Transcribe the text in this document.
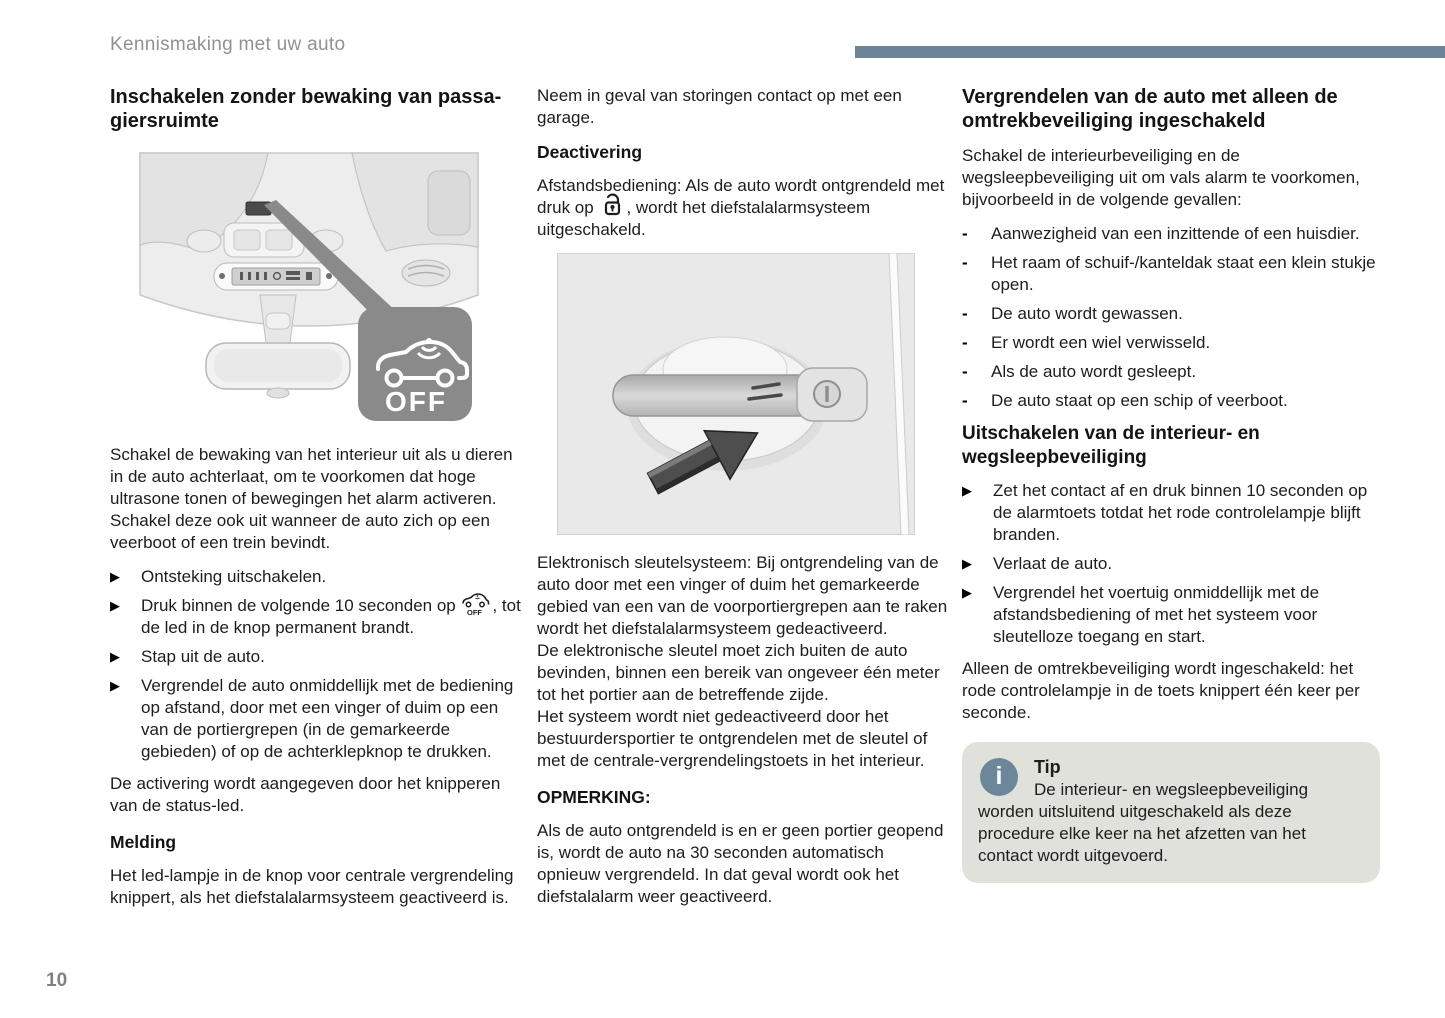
Kennismaking met uw auto
Inschakelen zonder bewaking van passa-
giersruimte
OFF

Schakel de bewaking van het interieur uit als u dieren in de auto achterlaat, om te voorkomen dat hoge ultrasone tonen of bewegingen het alarm activeren. Schakel deze ook uit wanneer de auto zich op een veerboot of een trein bevindt.

▶	Ontsteking uitschakelen.
▶	Druk binnen de volgende 10 seconden op OFF , tot de led in de knop permanent brandt.
▶	Stap uit de auto.
▶	Vergrendel de auto onmiddellijk met de bediening op afstand, door met een vinger of duim op een van de portiergrepen (in de gemarkeerde gebieden) of op de achterklepknop te drukken.

De activering wordt aangegeven door het knipperen van de status-led.

Melding

Het led-lampje in de knop voor centrale vergrendeling knippert, als het diefstalalarmsysteem geactiveerd is.

Neem in geval van storingen contact op met een garage.

Deactivering

Afstandsbediening: Als de auto wordt ontgrendeld met druk op , wordt het diefstalalarmsysteem uitgeschakeld.

Elektronisch sleutelsysteem: Bij ontgrendeling van de auto door met een vinger of duim het gemarkeerde gebied van een van de voorportiergrepen aan te raken wordt het diefstalalarmsysteem gedeactiveerd.

De elektronische sleutel moet zich buiten de auto bevinden, binnen een bereik van ongeveer één meter tot het portier aan de betreffende zijde.

Het systeem wordt niet gedeactiveerd door het bestuurdersportier te ontgrendelen met de sleutel of met de centrale-vergrendelingstoets in het interieur.

OPMERKING:

Als de auto ontgrendeld is en er geen portier geopend is, wordt de auto na 30 seconden automatisch opnieuw vergrendeld. In dat geval wordt ook het diefstalalarm weer geactiveerd.

Vergrendelen van de auto met alleen de omtrekbeveiliging ingeschakeld

Schakel de interieurbeveiliging en de wegsleepbeveiliging uit om vals alarm te voorkomen, bijvoorbeeld in de volgende gevallen:

-	Aanwezigheid van een inzittende of een huisdier.
-	Het raam of schuif-/kanteldak staat een klein stukje open.
-	De auto wordt gewassen.
-	Er wordt een wiel verwisseld.
-	Als de auto wordt gesleept.
-	De auto staat op een schip of veerboot.
Uitschakelen van de interieur- en wegsleepbeveiliging
▶	Zet het contact af en druk binnen 10 seconden op de alarmtoets totdat het rode controlelampje blijft branden.
▶	Verlaat de auto.
▶	Vergrendel het voertuig onmiddellijk met de afstandsbediening of met het systeem voor sleutelloze toegang en start.

Alleen de omtrekbeveiliging wordt ingeschakeld: het rode controlelampje in de toets knippert één keer per seconde.

i	Tip
De interieur- en wegsleepbeveiliging worden uitsluitend uitgeschakeld als deze procedure elke keer na het afzetten van het contact wordt uitgevoerd.
10
